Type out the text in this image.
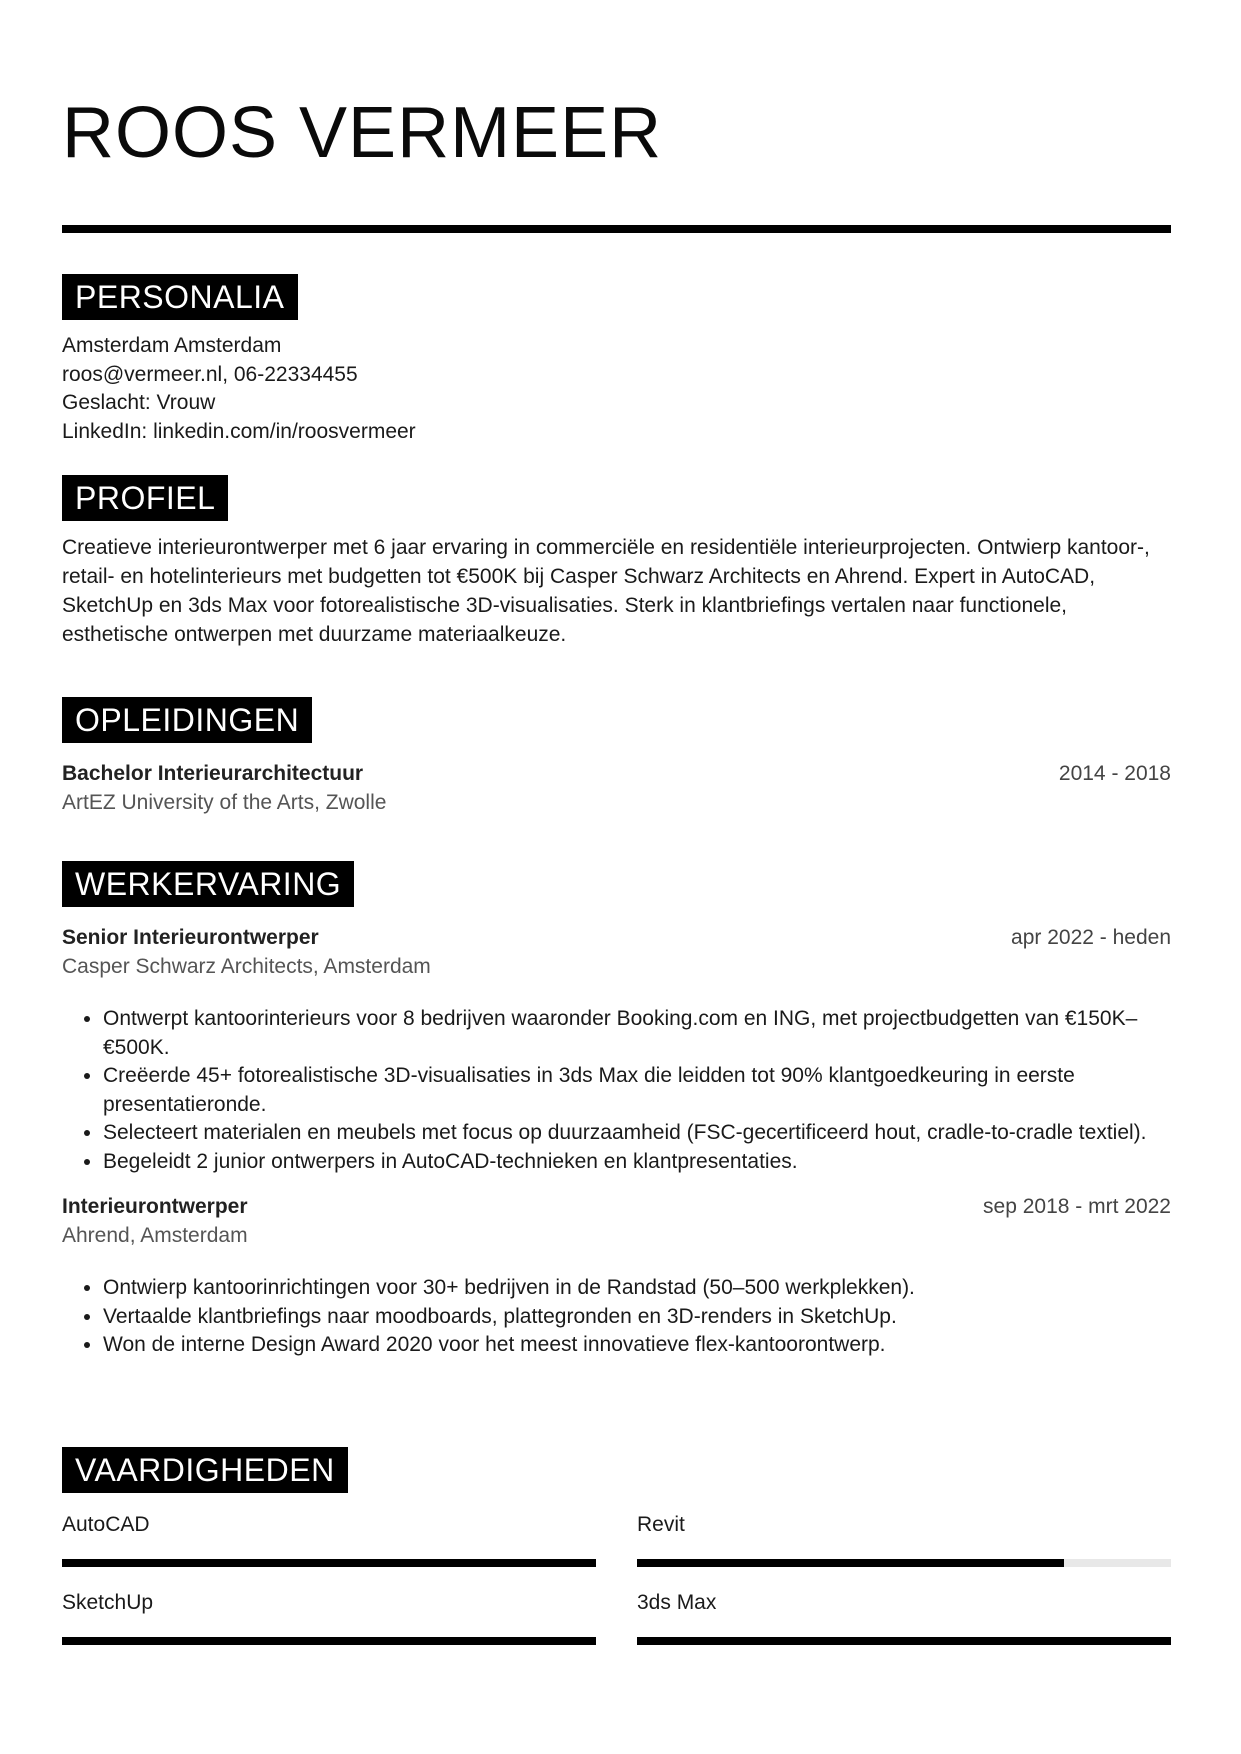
ROOS VERMEER
PERSONALIA
Amsterdam Amsterdam
roos@vermeer.nl, 06-22334455
Geslacht: Vrouw
LinkedIn: linkedin.com/in/roosvermeer
PROFIEL
Creatieve interieurontwerper met 6 jaar ervaring in commerciële en residentiële interieurprojecten. Ontwierp kantoor-, retail- en hotelinterieurs met budgetten tot €500K bij Casper Schwarz Architects en Ahrend. Expert in AutoCAD, SketchUp en 3ds Max voor fotorealistische 3D-visualisaties. Sterk in klantbriefings vertalen naar functionele, esthetische ontwerpen met duurzame materiaalkeuze.
OPLEIDINGEN
Bachelor Interieurarchitectuur	2014 - 2018
ArtEZ University of the Arts, Zwolle
WERKERVARING
Senior Interieurontwerper	apr 2022 - heden
Casper Schwarz Architects, Amsterdam
• Ontwerpt kantoorinterieurs voor 8 bedrijven waaronder Booking.com en ING, met projectbudgetten van €150K–€500K.
• Creëerde 45+ fotorealistische 3D-visualisaties in 3ds Max die leidden tot 90% klantgoedkeuring in eerste presentatieronde.
• Selecteert materialen en meubels met focus op duurzaamheid (FSC-gecertificeerd hout, cradle-to-cradle textiel).
• Begeleidt 2 junior ontwerpers in AutoCAD-technieken en klantpresentaties.
Interieurontwerper	sep 2018 - mrt 2022
Ahrend, Amsterdam
• Ontwierp kantoorinrichtingen voor 30+ bedrijven in de Randstad (50–500 werkplekken).
• Vertaalde klantbriefings naar moodboards, plattegronden en 3D-renders in SketchUp.
• Won de interne Design Award 2020 voor het meest innovatieve flex-kantoorontwerp.
VAARDIGHEDEN
AutoCAD	Revit
SketchUp	3ds Max
